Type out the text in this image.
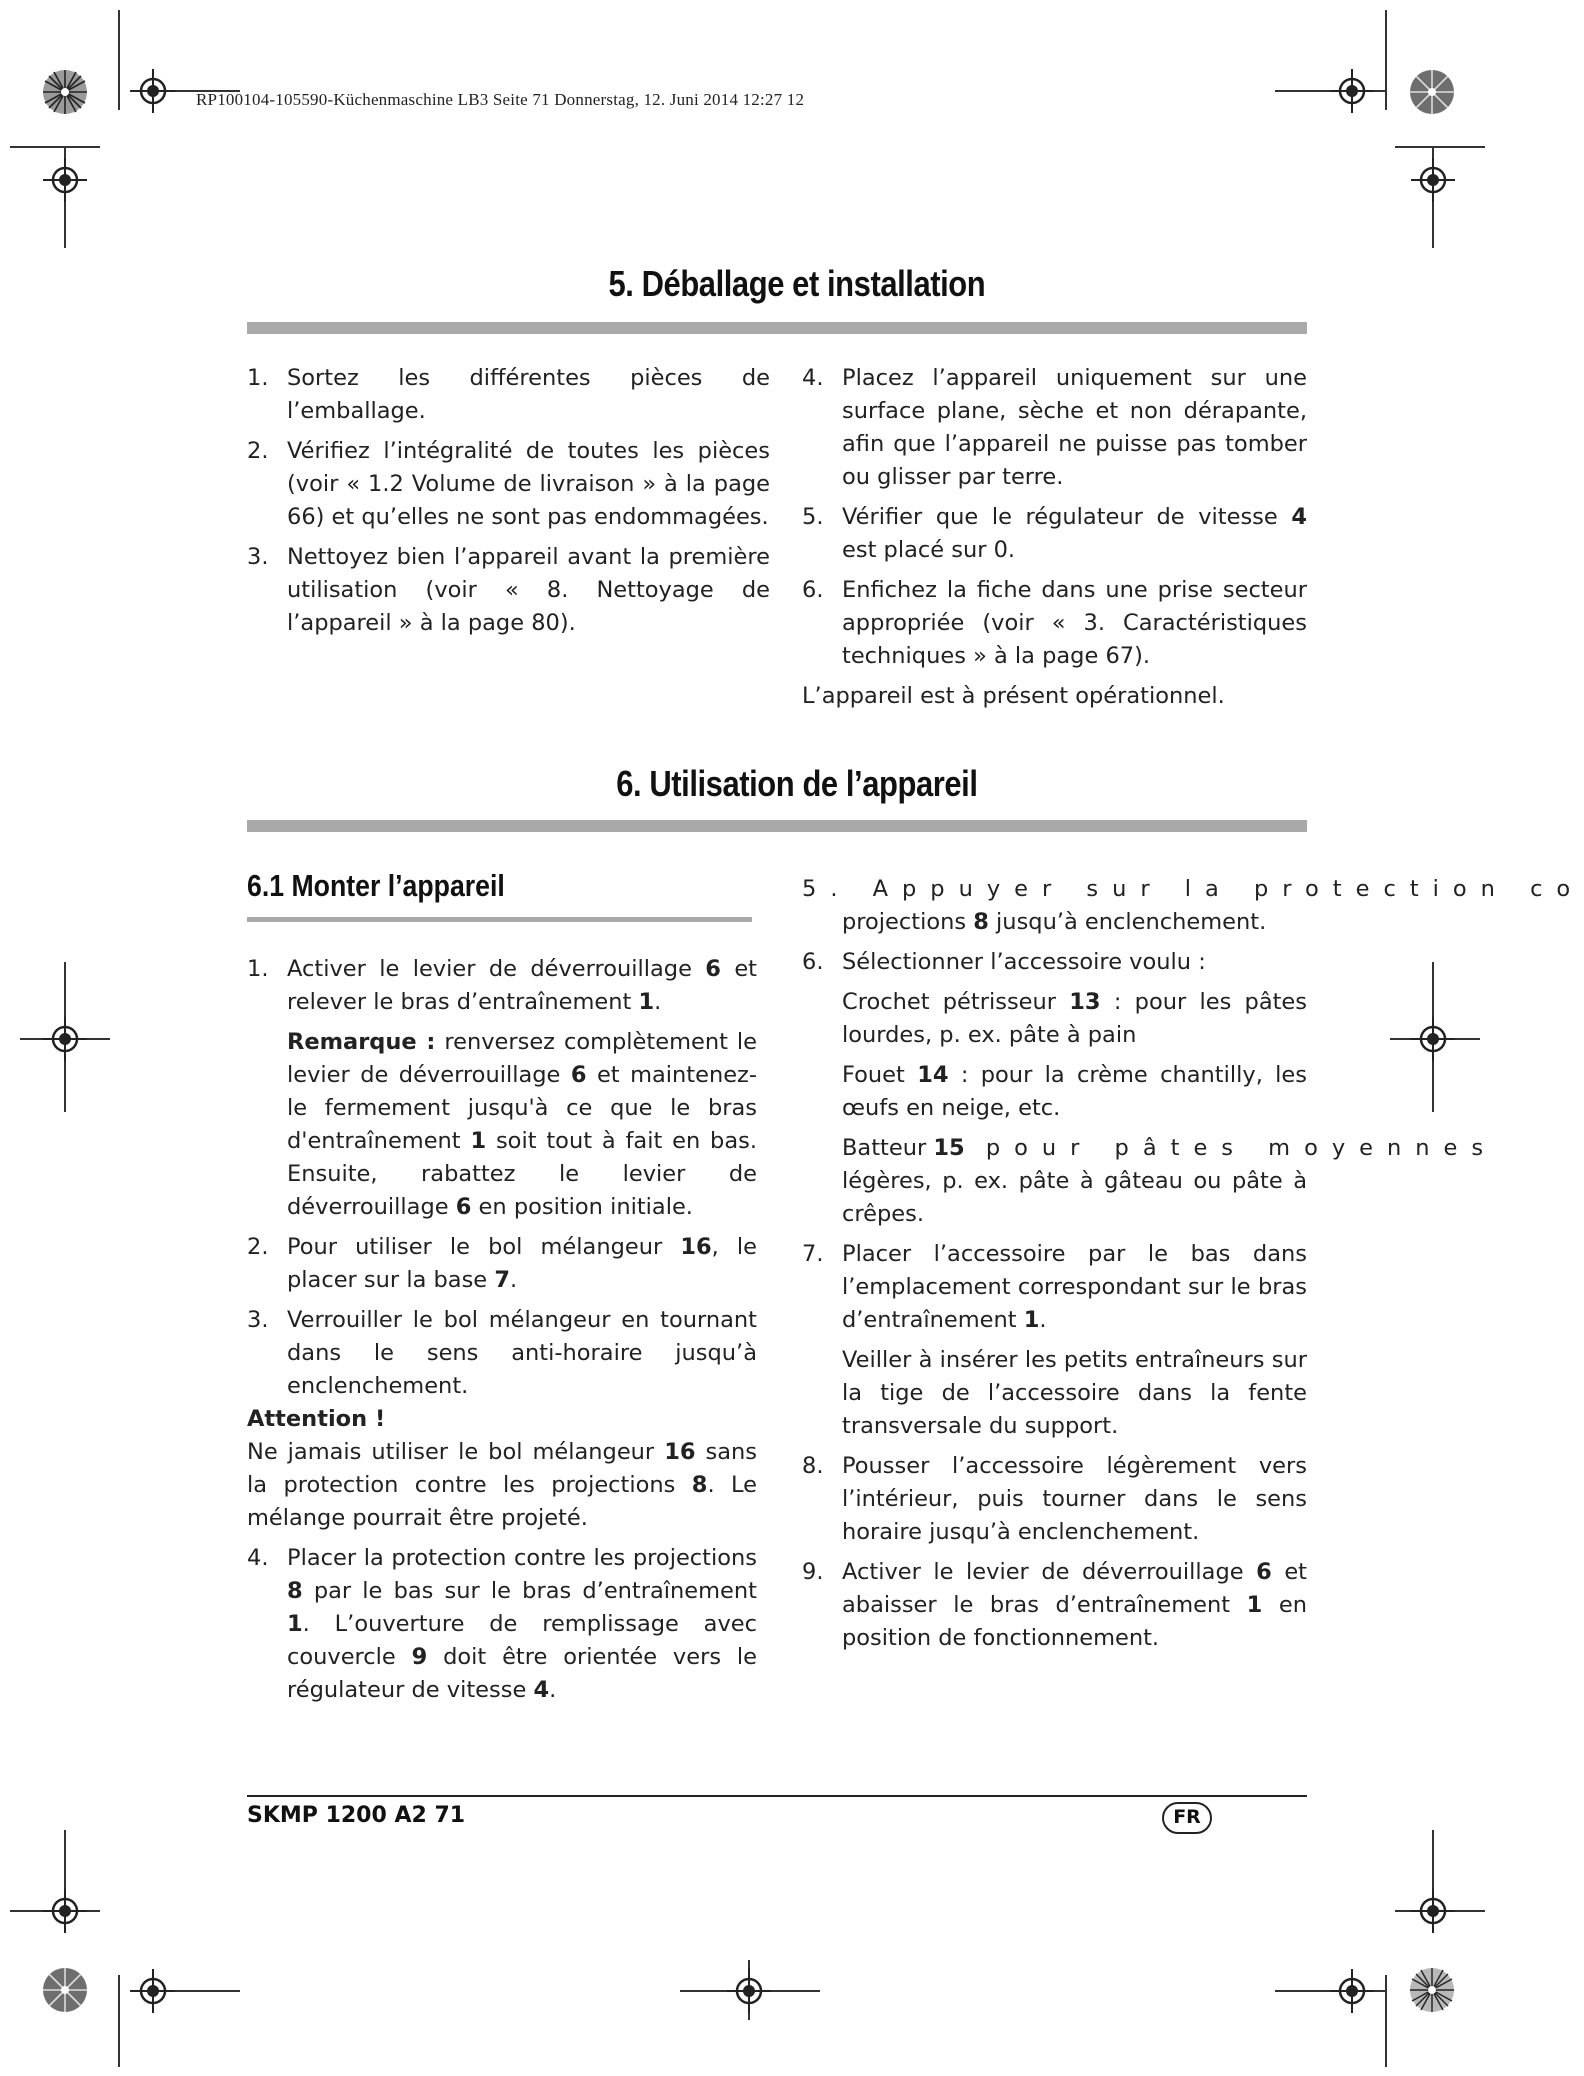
RP100104-105590-Küchenmaschine LB3 Seite 71 Donnerstag, 12. Juni 2014 12:27 12
5. Déballage et installation

1. Sortez les différentes pièces de l’emballage.

2. Vérifiez l’intégralité de toutes les pièces (voir « 1.2 Volume de livraison » à la page 66) et qu’elles ne sont pas endommagées.

3. Nettoyez bien l’appareil avant la première utilisation (voir « 8. Nettoyage de l’appareil » à la page 80).

4. Placez l’appareil uniquement sur une surface plane, sèche et non dérapante, afin que l’appareil ne puisse pas tomber ou glisser par terre.

5. Vérifier que le régulateur de vitesse 4 est placé sur 0.

6. Enfichez la fiche dans une prise secteur appropriée (voir « 3. Caractéristiques techniques » à la page 67).

L’appareil est à présent opérationnel.

6. Utilisation de l’appareil
6.1 Monter l’appareil

1. Activer le levier de déverrouillage 6 et relever le bras d’entraînement 1.

Remarque : renversez complètement le levier de déverrouillage 6 et maintenez-le fermement jusqu'à ce que le bras d'entraînement 1 soit tout à fait en bas. Ensuite, rabattez le levier de déverrouillage 6 en position initiale.

2. Pour utiliser le bol mélangeur 16, le placer sur la base 7.

3. Verrouiller le bol mélangeur en tournant dans le sens anti-horaire jusqu’à enclenchement.

Attention !

Ne jamais utiliser le bol mélangeur 16 sans la protection contre les projections 8. Le mélange pourrait être projeté.

4. Placer la protection contre les projections 8 par le bas sur le bras d’entraînement 1. L’ouverture de remplissage avec couvercle 9 doit être orientée vers le régulateur de vitesse 4.

5. Appuyer sur la protection co

projections 8 jusqu’à enclenchement.

6. Sélectionner l’accessoire voulu :

Crochet pétrisseur 13 : pour les pâtes lourdes, p. ex. pâte à pain

Fouet 14 : pour la crème chantilly, les œufs en neige, etc.

Batteur 15 pour pâtes moyennes

légères, p. ex. pâte à gâteau ou pâte à crêpes.

7. Placer l’accessoire par le bas dans l’emplacement correspondant sur le bras d’entraînement 1.

Veiller à insérer les petits entraîneurs sur la tige de l’accessoire dans la fente transversale du support.

8. Pousser l’accessoire légèrement vers l’intérieur, puis tourner dans le sens horaire jusqu’à enclenchement.

9. Activer le levier de déverrouillage 6 et abaisser le bras d’entraînement 1 en position de fonctionnement.

SKMP 1200 A2 71	FR
